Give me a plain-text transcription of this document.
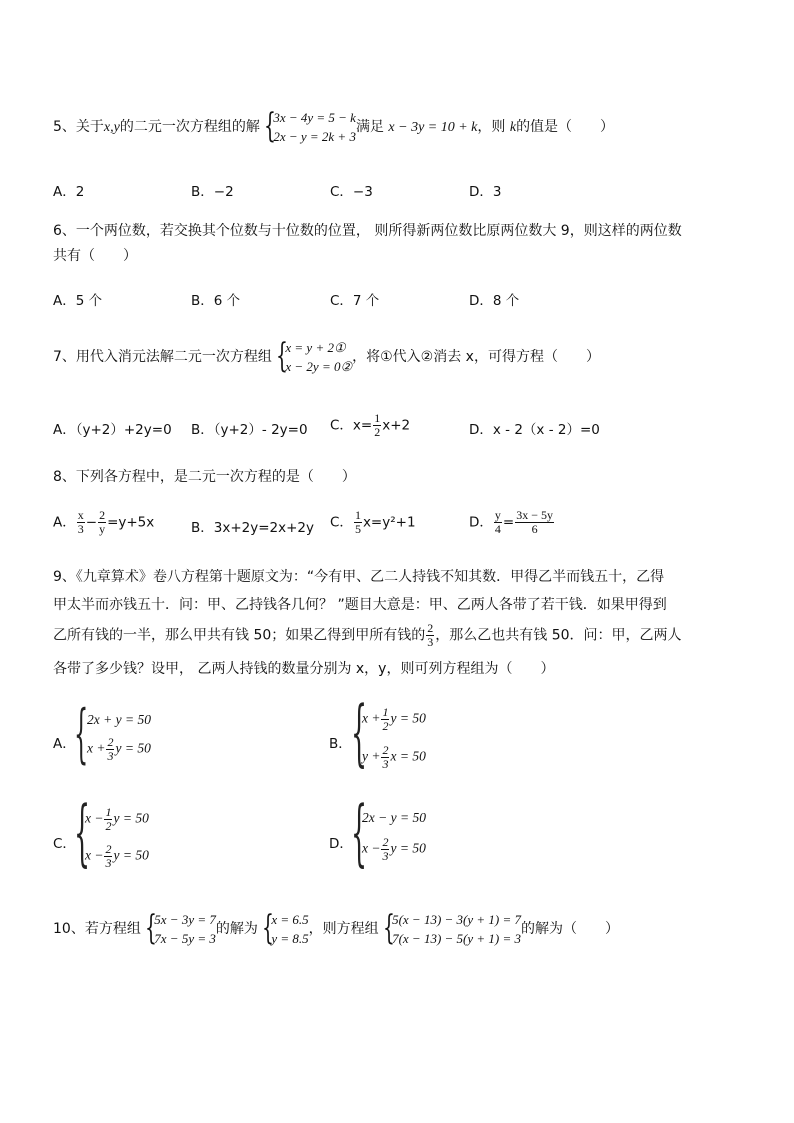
5、关于x,y的二元一次方程组的解 {
3x − 4y = 5 − k
2x − y = 2k + 3
满足 x − 3y = 10 + k，则 k的值是（　　）
A．2	B．−2	C．−3	D．3
6、一个两位数，若交换其个位数与十位数的位置， 则所得新两位数比原两位数大 9，则这样的两位数
共有（　　）
A．5 个	B．6 个	C．7 个	D．8 个
7、用代入消元法解二元一次方程组 {
x = y + 2①
x − 2y = 0②
，将①代入②消去 x，可得方程（　　）
A．（y+2）+2y=0 B．（y+2）- 2y=0 C．$x= \frac{1}{2} x+2$	D．x - 2（x - 2）=0
8、下列各方程中，是二元一次方程的是（　　）
A． $\frac{x}{3} - \frac{2}{y} =y+5x$	B．3x+2y=2x+2y C． $\frac{1}{5} x=y^2+1$	D． $\frac{y}{4} = \frac{3x - 5y}{6}$
9、《九章算术》卷八方程第十题原文为：“今有甲、乙二人持钱不知其数．甲得乙半而钱五十，乙得
甲太半而亦钱五十．问：甲、乙持钱各几何？ ”题目大意是：甲、乙两人各带了若干钱．如果甲得到
乙所有钱的一半，那么甲共有钱 50；如果乙得到甲所有钱的 $\frac{2}{3}$ ，那么乙也共有钱 50．问：甲，乙两人
各带了多少钱？设甲， 乙两人持钱的数量分别为 x，y，则可列方程组为（　　）
A．
{
2x + y = 50
$x + \frac{2}{3}$ y = 50	B． {
$x + \frac{1}{2}$ y = 50
$y + \frac{2}{3}$ x = 50
C．
{
$x - \frac{1}{2}$ y = 50
$x - \frac{2}{3}$ y = 50
D．
{
2x − y = 50
$x - \frac{2}{3}$ y = 50
10、若方程组 {
5x − 3y = 7
7x − 5y = 3
的解为 {
x = 6.5
y = 8.5
，则方程组 {
5(x − 13) − 3(y + 1) = 7
7(x − 13) − 5(y + 1) = 3
的解为（　　）
